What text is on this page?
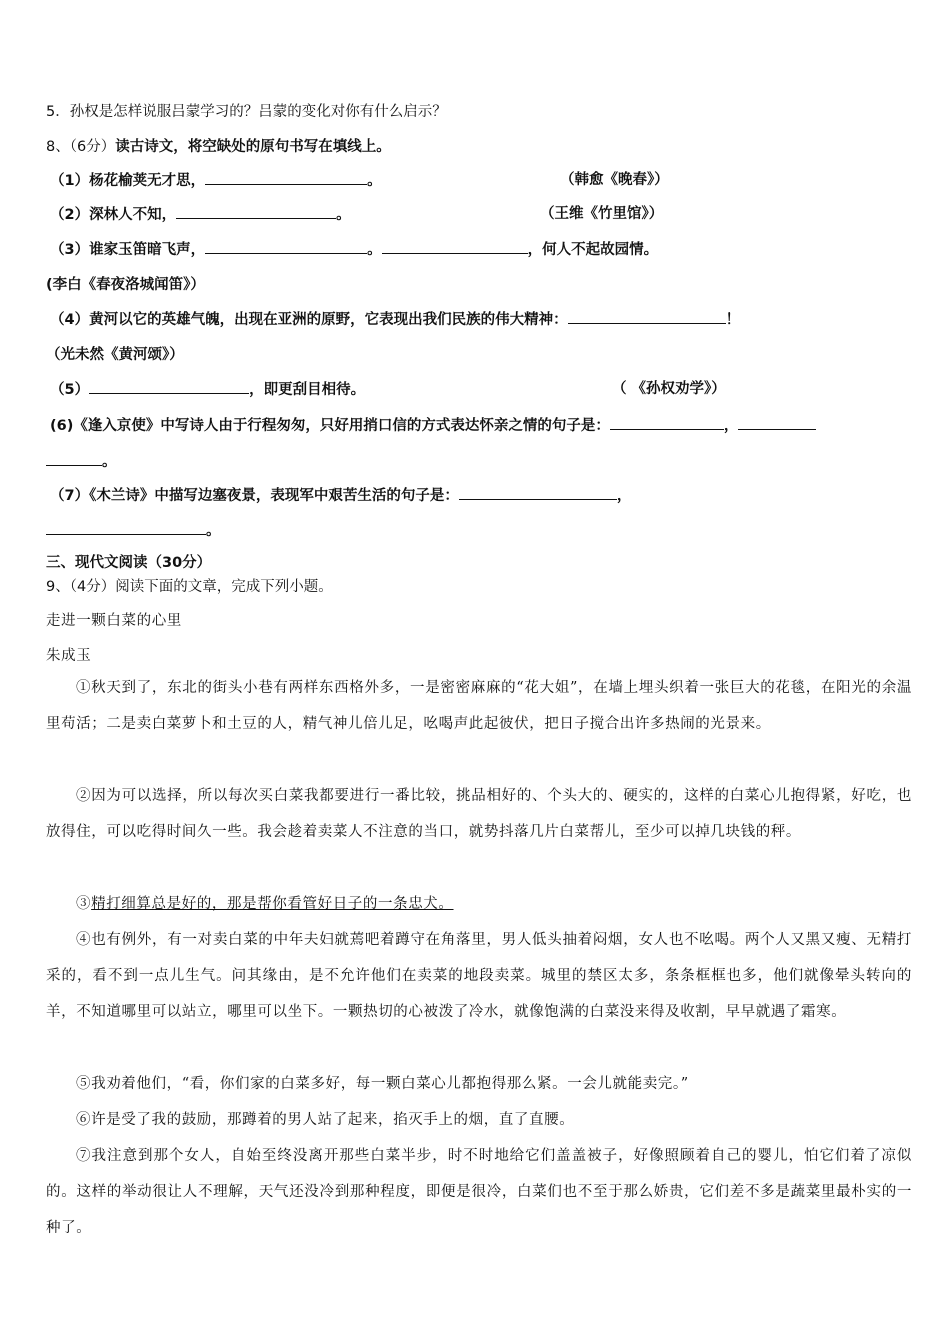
5．孙权是怎样说服吕蒙学习的？吕蒙的变化对你有什么启示？
8、（6分）读古诗文，将空缺处的原句书写在填线上。
（1）杨花榆荚无才思，	。	（韩愈《晚春》）
（2）深林人不知，	。	（王维《竹里馆》）
（3）谁家玉笛暗飞声，	。	，何人不起故园情。
(李白《春夜洛城闻笛》）
（4）黄河以它的英雄气魄，出现在亚洲的原野，它表现出我们民族的伟大精神：	！
（光未然《黄河颂》）
（5）	，即更刮目相待。	（ 《孙权劝学》）
(6)《逢入京使》中写诗人由于行程匆匆，只好用捎口信的方式表达怀亲之情的句子是：	，
。
（7）《木兰诗》中描写边塞夜景，表现军中艰苦生活的句子是：	，
。
三、现代文阅读（30分）
9、（4分）阅读下面的文章，完成下列小题。
走进一颗白菜的心里
朱成玉
①秋天到了，东北的街头小巷有两样东西格外多，一是密密麻麻的“花大姐”，在墙上埋头织着一张巨大的花毯，在阳光的余温里苟活；二是卖白菜萝卜和土豆的人，精气神儿倍儿足，吆喝声此起彼伏，把日子搅合出许多热闹的光景来。
②因为可以选择，所以每次买白菜我都要进行一番比较，挑品相好的、个头大的、硬实的，这样的白菜心儿抱得紧，好吃，也放得住，可以吃得时间久一些。我会趁着卖菜人不注意的当口，就势抖落几片白菜帮儿，至少可以掉几块钱的秤。
③精打细算总是好的，那是帮你看管好日子的一条忠犬。
④也有例外，有一对卖白菜的中年夫妇就蔫吧着蹲守在角落里，男人低头抽着闷烟，女人也不吆喝。两个人又黑又瘦、无精打采的，看不到一点儿生气。问其缘由，是不允许他们在卖菜的地段卖菜。城里的禁区太多，条条框框也多，他们就像晕头转向的羊，不知道哪里可以站立，哪里可以坐下。一颗热切的心被泼了冷水，就像饱满的白菜没来得及收割，早早就遇了霜寒。
⑤我劝着他们，“看，你们家的白菜多好，每一颗白菜心儿都抱得那么紧。一会儿就能卖完。”
⑥许是受了我的鼓励，那蹲着的男人站了起来，掐灭手上的烟，直了直腰。
⑦我注意到那个女人，自始至终没离开那些白菜半步，时不时地给它们盖盖被子，好像照顾着自己的婴儿，怕它们着了凉似的。这样的举动很让人不理解，天气还没冷到那种程度，即便是很冷，白菜们也不至于那么娇贵，它们差不多是蔬菜里最朴实的一种了。
